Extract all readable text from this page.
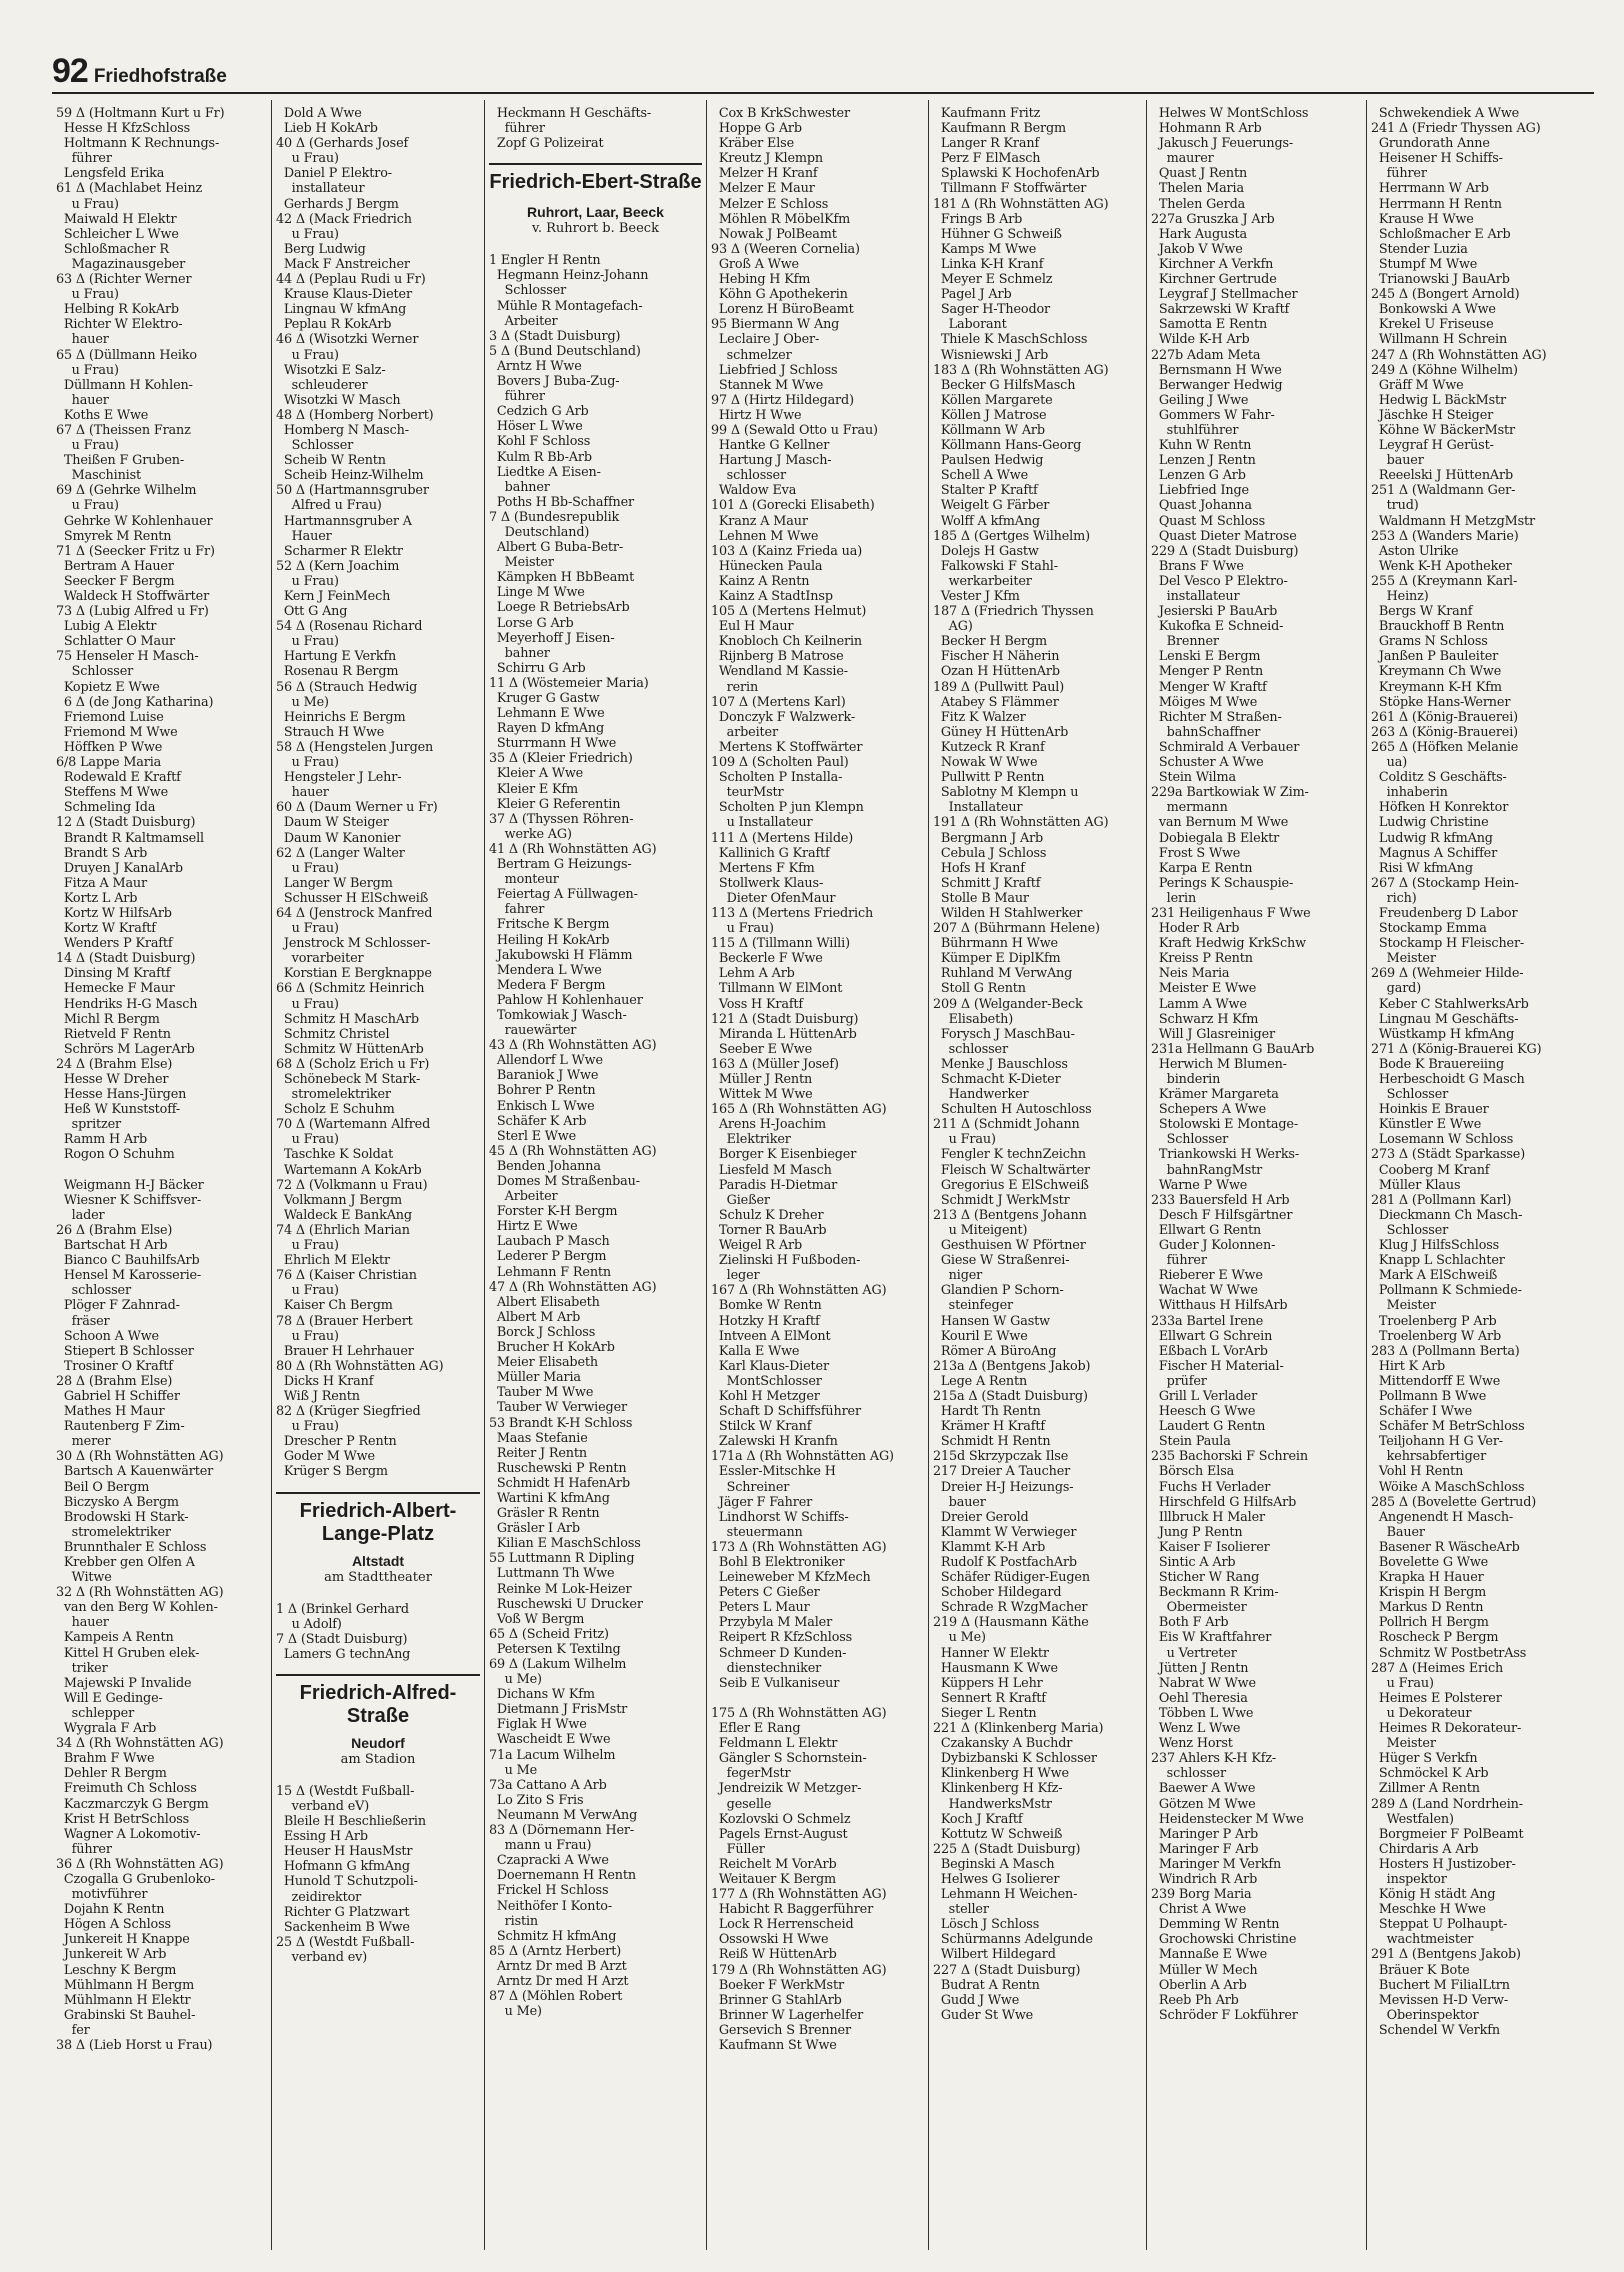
92 Friedhofstraße
59 Δ (Holtmann Kurt u Fr)
Hesse H KfzSchloss
Holtmann K Rechnungs-
führer
Lengsfeld Erika
61 Δ (Machlabet Heinz
u Frau)
Maiwald H Elektr
Schleicher L Wwe
Schloßmacher R
Magazinausgeber
63 Δ (Richter Werner
u Frau)
Helbing R KokArb
Richter W Elektro-
hauer
65 Δ (Düllmann Heiko
u Frau)
Düllmann H Kohlen-
hauer
Koths E Wwe
67 Δ (Theissen Franz
u Frau)
Theißen F Gruben-
Maschinist
69 Δ (Gehrke Wilhelm
u Frau)
Gehrke W Kohlenhauer
Smyrek M Rentn
71 Δ (Seecker Fritz u Fr)
Bertram A Hauer
Seecker F Bergm
Waldeck H Stoffwärter
73 Δ (Lubig Alfred u Fr)
Lubig A Elektr
Schlatter O Maur
75 Henseler H Masch-
Schlosser
Kopietz E Wwe
6 Δ (de Jong Katharina)
Friemond Luise
Friemond M Wwe
Höffken P Wwe
6/8 Lappe Maria
Rodewald E Kraftf
Steffens M Wwe
Schmeling Ida
12 Δ (Stadt Duisburg)
Brandt R Kaltmamsell
Brandt S Arb
Druyen J KanalArb
Fitza A Maur
Kortz L Arb
Kortz W HilfsArb
Kortz W Kraftf
Wenders P Kraftf
14 Δ (Stadt Duisburg)
Dinsing M Kraftf
Hemecke F Maur
Hendriks H-G Masch
Michl R Bergm
Rietveld F Rentn
Schrörs M LagerArb
24 Δ (Brahm Else)
Hesse W Dreher
Hesse Hans-Jürgen
Heß W Kunststoff-
spritzer
Ramm H Arb
Rogon O Schuhm

Weigmann H-J Bäcker
Wiesner K Schiffsver-
lader
26 Δ (Brahm Else)
Bartschat H Arb
Bianco C BauhilfsArb
Hensel M Karosserie-
schlosser
Plöger F Zahnrad-
fräser
Schoon A Wwe
Stiepert B Schlosser
Trosiner O Kraftf
28 Δ (Brahm Else)
Gabriel H Schiffer
Mathes H Maur
Rautenberg F Zim-
merer
30 Δ (Rh Wohnstätten AG)
Bartsch A Kauenwärter
Beil O Bergm
Biczysko A Bergm
Brodowski H Stark-
stromelektriker
Brunnthaler E Schloss
Krebber gen Olfen A
Witwe
32 Δ (Rh Wohnstätten AG)
van den Berg W Kohlen-
hauer
Kampeis A Rentn
Kittel H Gruben elek-
triker
Majewski P Invalide
Will E Gedinge-
schlepper
Wygrala F Arb
34 Δ (Rh Wohnstätten AG)
Brahm F Wwe
Dehler R Bergm
Freimuth Ch Schloss
Kaczmarczyk G Bergm
Krist H BetrSchloss
Wagner A Lokomotiv-
führer
36 Δ (Rh Wohnstätten AG)
Czogalla G Grubenloko-
motivführer
Dojahn K Rentn
Högen A Schloss
Junkereit H Knappe
Junkereit W Arb
Leschny K Bergm
Mühlmann H Bergm
Mühlmann H Elektr
Grabinski St Bauhel-
fer
38 Δ (Lieb Horst u Frau)
Dold A Wwe
Lieb H KokArb
40 Δ (Gerhards Josef
u Frau)
Daniel P Elektro-
installateur
Gerhards J Bergm
42 Δ (Mack Friedrich
u Frau)
Berg Ludwig
Mack F Anstreicher
44 Δ (Peplau Rudi u Fr)
Krause Klaus-Dieter
Lingnau W kfmAng
Peplau R KokArb
46 Δ (Wisotzki Werner
u Frau)
Wisotzki E Salz-
schleuderer
Wisotzki W Masch
48 Δ (Homberg Norbert)
Homberg N Masch-
Schlosser
Scheib W Rentn
Scheib Heinz-Wilhelm
50 Δ (Hartmannsgruber
Alfred u Frau)
Hartmannsgruber A
Hauer
Scharmer R Elektr
52 Δ (Kern Joachim
u Frau)
Kern J FeinMech
Ott G Ang
54 Δ (Rosenau Richard
u Frau)
Hartung E Verkfn
Rosenau R Bergm
56 Δ (Strauch Hedwig
u Me)
Heinrichs E Bergm
Strauch H Wwe
58 Δ (Hengstelen Jurgen
u Frau)
Hengsteler J Lehr-
hauer
60 Δ (Daum Werner u Fr)
Daum W Steiger
Daum W Kanonier
62 Δ (Langer Walter
u Frau)
Langer W Bergm
Schusser H ElSchweiß
64 Δ (Jenstrock Manfred
u Frau)
Jenstrock M Schlosser-
vorarbeiter
Korstian E Bergknappe
66 Δ (Schmitz Heinrich
u Frau)
Schmitz H MaschArb
Schmitz Christel
Schmitz W HüttenArb
68 Δ (Scholz Erich u Fr)
Schönebeck M Stark-
stromelektriker
Scholz E Schuhm
70 Δ (Wartemann Alfred
u Frau)
Taschke K Soldat
Wartemann A KokArb
72 Δ (Volkmann u Frau)
Volkmann J Bergm
Waldeck E BankAng
74 Δ (Ehrlich Marian
u Frau)
Ehrlich M Elektr
76 Δ (Kaiser Christian
u Frau)
Kaiser Ch Bergm
78 Δ (Brauer Herbert
u Frau)
Brauer H Lehrhauer
80 Δ (Rh Wohnstätten AG)
Dicks H Kranf
Wiß J Rentn
82 Δ (Krüger Siegfried
u Frau)
Drescher P Rentn
Goder M Wwe
Krüger S Bergm
Friedrich-Albert-Lange-Platz
Altstadt
am Stadttheater
1 Δ (Brinkel Gerhard
u Adolf)
7 Δ (Stadt Duisburg)
Lamers G technAng
Friedrich-Alfred-Straße
Neudorf
am Stadion
15 Δ (Westdt Fußball-
verband eV)
Bleile H Beschließerin
Essing H Arb
Heuser H HausMstr
Hofmann G kfmAng
Hunold T Schutzpoli-
zeidirektor
Richter G Platzwart
Sackenheim B Wwe
25 Δ (Westdt Fußball-
verband ev)
Heckmann H Geschäfts-
führer
Zopf G Polizeirat
Friedrich-Ebert-Straße
Ruhrort, Laar, Beeck
v. Ruhrort b. Beeck
1 Engler H Rentn
Hegmann Heinz-Johann
Schlosser
Mühle R Montagefach-
Arbeiter
3 Δ (Stadt Duisburg)
5 Δ (Bund Deutschland)
Arntz H Wwe
Bovers J Buba-Zug-
führer
Cedzich G Arb
Höser L Wwe
Kohl F Schloss
Kulm R Bb-Arb
Liedtke A Eisen-
bahner
Poths H Bb-Schaffner
7 Δ (Bundesrepublik
Deutschland)
Albert G Buba-Betr-
Meister
Kämpken H BbBeamt
Linge M Wwe
Loege R BetriebsArb
Lorse G Arb
Meyerhoff J Eisen-
bahner
Schirru G Arb
11 Δ (Wöstemeier Maria)
Kruger G Gastw
Lehmann E Wwe
Rayen D kfmAng
Sturrmann H Wwe
35 Δ (Kleier Friedrich)
Kleier A Wwe
Kleier E Kfm
Kleier G Referentin
37 Δ (Thyssen Röhren-
werke AG)
41 Δ (Rh Wohnstätten AG)
Bertram G Heizungs-
monteur
Feiertag A Füllwagen-
fahrer
Fritsche K Bergm
Heiling H KokArb
Jakubowski H Flämm
Mendera L Wwe
Medera F Bergm
Pahlow H Kohlenhauer
Tomkowiak J Wasch-
rauewärter
43 Δ (Rh Wohnstätten AG)
Allendorf L Wwe
Baraniok J Wwe
Bohrer P Rentn
Enkisch L Wwe
Schäfer K Arb
Sterl E Wwe
45 Δ (Rh Wohnstätten AG)
Benden Johanna
Domes M Straßenbau-
Arbeiter
Forster K-H Bergm
Hirtz E Wwe
Laubach P Masch
Lederer P Bergm
Lehmann F Rentn
47 Δ (Rh Wohnstätten AG)
Albert Elisabeth
Albert M Arb
Borck J Schloss
Brucher H KokArb
Meier Elisabeth
Müller Maria
Tauber M Wwe
Tauber W Verwieger
53 Brandt K-H Schloss
Maas Stefanie
Reiter J Rentn
Ruschewski P Rentn
Schmidt H HafenArb
Wartini K kfmAng
Gräsler R Rentn
Gräsler I Arb
Kilian E MaschSchloss
55 Luttmann R Dipling
Luttmann Th Wwe
Reinke M Lok-Heizer
Ruschewski U Drucker
Voß W Bergm
65 Δ (Scheid Fritz)
Petersen K Textilng
69 Δ (Lakum Wilhelm
u Me)
Dichans W Kfm
Dietmann J FrisMstr
Figlak H Wwe
Wascheidt E Wwe
71a Lacum Wilhelm
u Me
73a Cattano A Arb
Lo Zito S Fris
Neumann M VerwAng
83 Δ (Dörnemann Her-
mann u Frau)
Czapracki A Wwe
Doernemann H Rentn
Frickel H Schloss
Neithöfer I Konto-
ristin
Schmitz H kfmAng
85 Δ (Arntz Herbert)
Arntz Dr med B Arzt
Arntz Dr med H Arzt
87 Δ (Möhlen Robert
u Me)
Cox B KrkSchwester
Hoppe G Arb
Kräber Else
Kreutz J Klempn
Melzer H Kranf
Melzer E Maur
Melzer E Schloss
Möhlen R MöbelKfm
Nowak J PolBeamt
93 Δ (Weeren Cornelia)
Groß A Wwe
Hebing H Kfm
Köhn G Apothekerin
Lorenz H BüroBeamt
95 Biermann W Ang
Leclaire J Ober-
schmelzer
Liebfried J Schloss
Stannek M Wwe
97 Δ (Hirtz Hildegard)
Hirtz H Wwe
99 Δ (Sewald Otto u Frau)
Hantke G Kellner
Hartung J Masch-
schlosser
Waldow Eva
101 Δ (Gorecki Elisabeth)
Kranz A Maur
Lehnen M Wwe
103 Δ (Kainz Frieda ua)
Hünecken Paula
Kainz A Rentn
Kainz A StadtInsp
105 Δ (Mertens Helmut)
Eul H Maur
Knobloch Ch Keilnerin
Rijnberg B Matrose
Wendland M Kassie-
rerin
107 Δ (Mertens Karl)
Donczyk F Walzwerk-
arbeiter
Mertens K Stoffwärter
109 Δ (Scholten Paul)
Scholten P Installa-
teurMstr
Scholten P jun Klempn
u Installateur
111 Δ (Mertens Hilde)
Kallinich G Kraftf
Mertens F Kfm
Stollwerk Klaus-
Dieter OfenMaur
113 Δ (Mertens Friedrich
u Frau)
115 Δ (Tillmann Willi)
Beckerle F Wwe
Lehm A Arb
Tillmann W ElMont
Voss H Kraftf
121 Δ (Stadt Duisburg)
Miranda L HüttenArb
Seeber E Wwe
163 Δ (Müller Josef)
Müller J Rentn
Wittek M Wwe
165 Δ (Rh Wohnstätten AG)
Arens H-Joachim
Elektriker
Borger K Eisenbieger
Liesfeld M Masch
Paradis H-Dietmar
Gießer
Schulz K Dreher
Torner R BauArb
Weigel R Arb
Zielinski H Fußboden-
leger
167 Δ (Rh Wohnstätten AG)
Bomke W Rentn
Hotzky H Kraftf
Intveen A ElMont
Kalla E Wwe
Karl Klaus-Dieter
MontSchlosser
Kohl H Metzger
Schaft D Schiffsführer
Stilck W Kranf
Zalewski H Kranfn
171a Δ (Rh Wohnstätten AG)
Essler-Mitschke H
Schreiner
Jäger F Fahrer
Lindhorst W Schiffs-
steuermann
173 Δ (Rh Wohnstätten AG)
Bohl B Elektroniker
Leineweber M KfzMech
Peters C Gießer
Peters L Maur
Przybyla M Maler
Reipert R KfzSchloss
Schmeer D Kunden-
dienstechniker
Seib E Vulkaniseur

175 Δ (Rh Wohnstätten AG)
Efler E Rang
Feldmann L Elektr
Gängler S Schornstein-
fegerMstr
Jendreizik W Metzger-
geselle
Kozlovski O Schmelz
Pagels Ernst-August
Füller
Reichelt M VorArb
Weitauer K Bergm
177 Δ (Rh Wohnstätten AG)
Habicht R Baggerführer
Lock R Herrenscheid
Ossowski H Wwe
Reiß W HüttenArb
179 Δ (Rh Wohnstätten AG)
Boeker F WerkMstr
Brinner G StahlArb
Brinner W Lagerhelfer
Gersevich S Brenner
Kaufmann St Wwe
Kaufmann Fritz
Kaufmann R Bergm
Langer R Kranf
Perz F ElMasch
Splawski K HochofenArb
Tillmann F Stoffwärter
181 Δ (Rh Wohnstätten AG)
Frings B Arb
Hühner G Schweiß
Kamps M Wwe
Linka K-H Kranf
Meyer E Schmelz
Pagel J Arb
Sager H-Theodor
Laborant
Thiele K MaschSchloss
Wisniewski J Arb
183 Δ (Rh Wohnstätten AG)
Becker G HilfsMasch
Köllen Margarete
Köllen J Matrose
Köllmann W Arb
Köllmann Hans-Georg
Paulsen Hedwig
Schell A Wwe
Stalter P Kraftf
Weigelt G Färber
Wolff A kfmAng
185 Δ (Gertges Wilhelm)
Dolejs H Gastw
Falkowski F Stahl-
werkarbeiter
Vester J Kfm
187 Δ (Friedrich Thyssen
AG)
Becker H Bergm
Fischer H Näherin
Ozan H HüttenArb
189 Δ (Pullwitt Paul)
Atabey S Flämmer
Fitz K Walzer
Güney H HüttenArb
Kutzeck R Kranf
Nowak W Wwe
Pullwitt P Rentn
Sablotny M Klempn u
Installateur
191 Δ (Rh Wohnstätten AG)
Bergmann J Arb
Cebula J Schloss
Hofs H Kranf
Schmitt J Kraftf
Stolle B Maur
Wilden H Stahlwerker
207 Δ (Bührmann Helene)
Bührmann H Wwe
Kümper E DiplKfm
Ruhland M VerwAng
Stoll G Rentn
209 Δ (Welgander-Beck
Elisabeth)
Forysch J MaschBau-
schlosser
Menke J Bauschloss
Schmacht K-Dieter
Handwerker
Schulten H Autoschloss
211 Δ (Schmidt Johann
u Frau)
Fengler K technZeichn
Fleisch W Schaltwärter
Gregorius E ElSchweiß
Schmidt J WerkMstr
213 Δ (Bentgens Johann
u Miteigent)
Gesthuisen W Pförtner
Giese W Straßenrei-
niger
Glandien P Schorn-
steinfeger
Hansen W Gastw
Kouril E Wwe
Römer A BüroAng
213a Δ (Bentgens Jakob)
Lege A Rentn
215a Δ (Stadt Duisburg)
Hardt Th Rentn
Krämer H Kraftf
Schmidt H Rentn
215d Skrzypczak Ilse
217 Dreier A Taucher
Dreier H-J Heizungs-
bauer
Dreier Gerold
Klammt W Verwieger
Klammt K-H Arb
Rudolf K PostfachArb
Schäfer Rüdiger-Eugen
Schober Hildegard
Schrade R WzgMacher
219 Δ (Hausmann Käthe
u Me)
Hanner W Elektr
Hausmann K Wwe
Küppers H Lehr
Sennert R Kraftf
Sieger L Rentn
221 Δ (Klinkenberg Maria)
Czakansky A Buchdr
Dybizbanski K Schlosser
Klinkenberg H Wwe
Klinkenberg H Kfz-
HandwerksMstr
Koch J Kraftf
Kottutz W Schweiß
225 Δ (Stadt Duisburg)
Beginski A Masch
Helwes G Isolierer
Lehmann H Weichen-
steller
Lösch J Schloss
Schürmanns Adelgunde
Wilbert Hildegard
227 Δ (Stadt Duisburg)
Budrat A Rentn
Gudd J Wwe
Guder St Wwe
Helwes W MontSchloss
Hohmann R Arb
Jakusch J Feuerungs-
maurer
Quast J Rentn
Thelen Maria
Thelen Gerda
227a Gruszka J Arb
Hark Augusta
Jakob V Wwe
Kirchner A Verkfn
Kirchner Gertrude
Leygraf J Stellmacher
Sakrzewski W Kraftf
Samotta E Rentn
Wilde K-H Arb
227b Adam Meta
Bernsmann H Wwe
Berwanger Hedwig
Geiling J Wwe
Gommers W Fahr-
stuhlführer
Kuhn W Rentn
Lenzen J Rentn
Lenzen G Arb
Liebfried Inge
Quast Johanna
Quast M Schloss
Quast Dieter Matrose
229 Δ (Stadt Duisburg)
Brans F Wwe
Del Vesco P Elektro-
installateur
Jesierski P BauArb
Kukofka E Schneid-
Brenner
Lenski E Bergm
Menger P Rentn
Menger W Kraftf
Möiges M Wwe
Richter M Straßen-
bahnSchaffner
Schmirald A Verbauer
Schuster A Wwe
Stein Wilma
229a Bartkowiak W Zim-
mermann
van Bernum M Wwe
Dobiegala B Elektr
Frost S Wwe
Karpa E Rentn
Perings K Schauspie-
lerin
231 Heiligenhaus F Wwe
Hoder R Arb
Kraft Hedwig KrkSchw
Kreiss P Rentn
Neis Maria
Meister E Wwe
Lamm A Wwe
Schwarz H Kfm
Will J Glasreiniger
231a Hellmann G BauArb
Herwich M Blumen-
binderin
Krämer Margareta
Schepers A Wwe
Stolowski E Montage-
Schlosser
Triankowski H Werks-
bahnRangMstr
Warne P Wwe
233 Bauersfeld H Arb
Desch F Hilfsgärtner
Ellwart G Rentn
Guder J Kolonnen-
führer
Rieberer E Wwe
Wachat W Wwe
Witthaus H HilfsArb
233a Bartel Irene
Ellwart G Schrein
Eßbach L VorArb
Fischer H Material-
prüfer
Grill L Verlader
Heesch G Wwe
Laudert G Rentn
Stein Paula
235 Bachorski F Schrein
Börsch Elsa
Fuchs H Verlader
Hirschfeld G HilfsArb
Illbruck H Maler
Jung P Rentn
Kaiser F Isolierer
Sintic A Arb
Sticher W Rang
Beckmann R Krim-
Obermeister
Both F Arb
Eis W Kraftfahrer
u Vertreter
Jütten J Rentn
Nabrat W Wwe
Oehl Theresia
Többen L Wwe
Wenz L Wwe
Wenz Horst
237 Ahlers K-H Kfz-
schlosser
Baewer A Wwe
Götzen M Wwe
Heidenstecker M Wwe
Maringer P Arb
Maringer F Arb
Maringer M Verkfn
Windrich R Arb
239 Borg Maria
Christ A Wwe
Demming W Rentn
Grochowski Christine
Mannaße E Wwe
Müller W Mech
Oberlin A Arb
Reeb Ph Arb
Schröder F Lokführer
Schwekendiek A Wwe
241 Δ (Friedr Thyssen AG)
Grundorath Anne
Heisener H Schiffs-
führer
Herrmann W Arb
Herrmann H Rentn
Krause H Wwe
Schloßmacher E Arb
Stender Luzia
Stumpf M Wwe
Trianowski J BauArb
245 Δ (Bongert Arnold)
Bonkowski A Wwe
Krekel U Friseuse
Willmann H Schrein
247 Δ (Rh Wohnstätten AG)
249 Δ (Köhne Wilhelm)
Gräff M Wwe
Hedwig L BäckMstr
Jäschke H Steiger
Köhne W BäckerMstr
Leygraf H Gerüst-
bauer
Reeelski J HüttenArb
251 Δ (Waldmann Ger-
trud)
Waldmann H MetzgMstr
253 Δ (Wanders Marie)
Aston Ulrike
Wenk K-H Apotheker
255 Δ (Kreymann Karl-
Heinz)
Bergs W Kranf
Brauckhoff B Rentn
Grams N Schloss
Janßen P Bauleiter
Kreymann Ch Wwe
Kreymann K-H Kfm
Stöpke Hans-Werner
261 Δ (König-Brauerei)
263 Δ (König-Brauerei)
265 Δ (Höfken Melanie
ua)
Colditz S Geschäfts-
inhaberin
Höfken H Konrektor
Ludwig Christine
Ludwig R kfmAng
Magnus A Schiffer
Risi W kfmAng
267 Δ (Stockamp Hein-
rich)
Freudenberg D Labor
Stockamp Emma
Stockamp H Fleischer-
Meister
269 Δ (Wehmeier Hilde-
gard)
Keber C StahlwerksArb
Lingnau M Geschäfts-
Wüstkamp H kfmAng
271 Δ (König-Brauerei KG)
Bode K Brauereiing
Herbeschoidt G Masch
Schlosser
Hoinkis E Brauer
Künstler E Wwe
Losemann W Schloss
273 Δ (Städt Sparkasse)
Cooberg M Kranf
Müller Klaus
281 Δ (Pollmann Karl)
Dieckmann Ch Masch-
Schlosser
Klug J HilfsSchloss
Knapp L Schlachter
Mark A ElSchweiß
Pollmann K Schmiede-
Meister
Troelenberg P Arb
Troelenberg W Arb
283 Δ (Pollmann Berta)
Hirt K Arb
Mittendorff E Wwe
Pollmann B Wwe
Schäfer I Wwe
Schäfer M BetrSchloss
Teiljohann H G Ver-
kehrsabfertiger
Vohl H Rentn
Wöike A MaschSchloss
285 Δ (Bovelette Gertrud)
Angenendt H Masch-
Bauer
Basener R WäscheArb
Bovelette G Wwe
Krapka H Hauer
Krispin H Bergm
Markus D Rentn
Pollrich H Bergm
Roscheck P Bergm
Schmitz W PostbetrAss
287 Δ (Heimes Erich
u Frau)
Heimes E Polsterer
u Dekorateur
Heimes R Dekorateur-
Meister
Hüger S Verkfn
Schmöckel K Arb
Zillmer A Rentn
289 Δ (Land Nordrhein-
Westfalen)
Borgmeier F PolBeamt
Chirdaris A Arb
Hosters H Justizober-
inspektor
König H städt Ang
Meschke H Wwe
Steppat U Polhaupt-
wachtmeister
291 Δ (Bentgens Jakob)
Bräuer K Bote
Buchert M FilialLtrn
Mevissen H-D Verw-
Oberinspektor
Schendel W Verkfn
